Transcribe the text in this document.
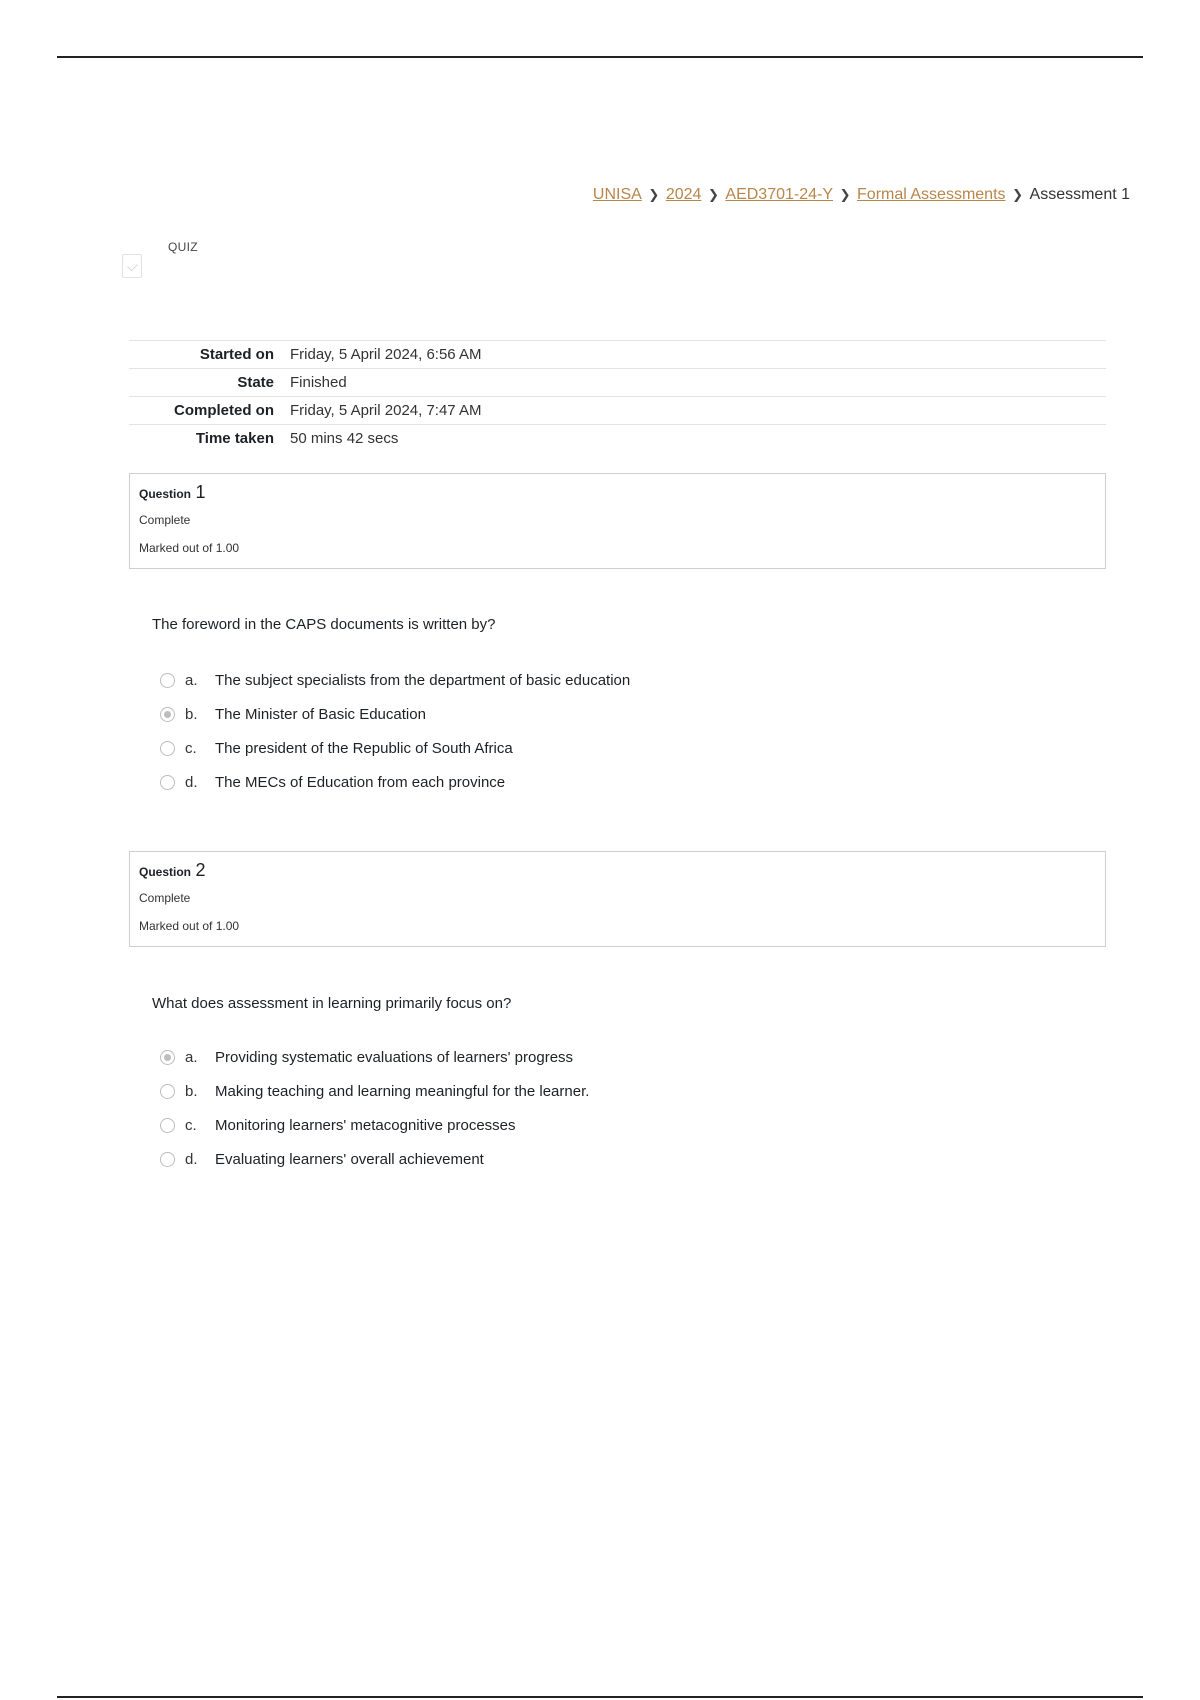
UNISA ❯ 2024 ❯ AED3701-24-Y ❯ Formal Assessments ❯ Assessment 1
QUIZ
Started on	Friday, 5 April 2024, 6:56 AM
State	Finished
Completed on	Friday, 5 April 2024, 7:47 AM
Time taken	50 mins 42 secs
Question 1
Complete
Marked out of 1.00
The foreword in the CAPS documents is written by?
a.	The subject specialists from the department of basic education
b.	The Minister of Basic Education
c.	The president of the Republic of South Africa
d.	The MECs of Education from each province
Question 2
Complete
Marked out of 1.00
What does assessment in learning primarily focus on?
a.	Providing systematic evaluations of learners' progress
b.	Making teaching and learning meaningful for the learner.
c.	Monitoring learners' metacognitive processes
d.	Evaluating learners' overall achievement
